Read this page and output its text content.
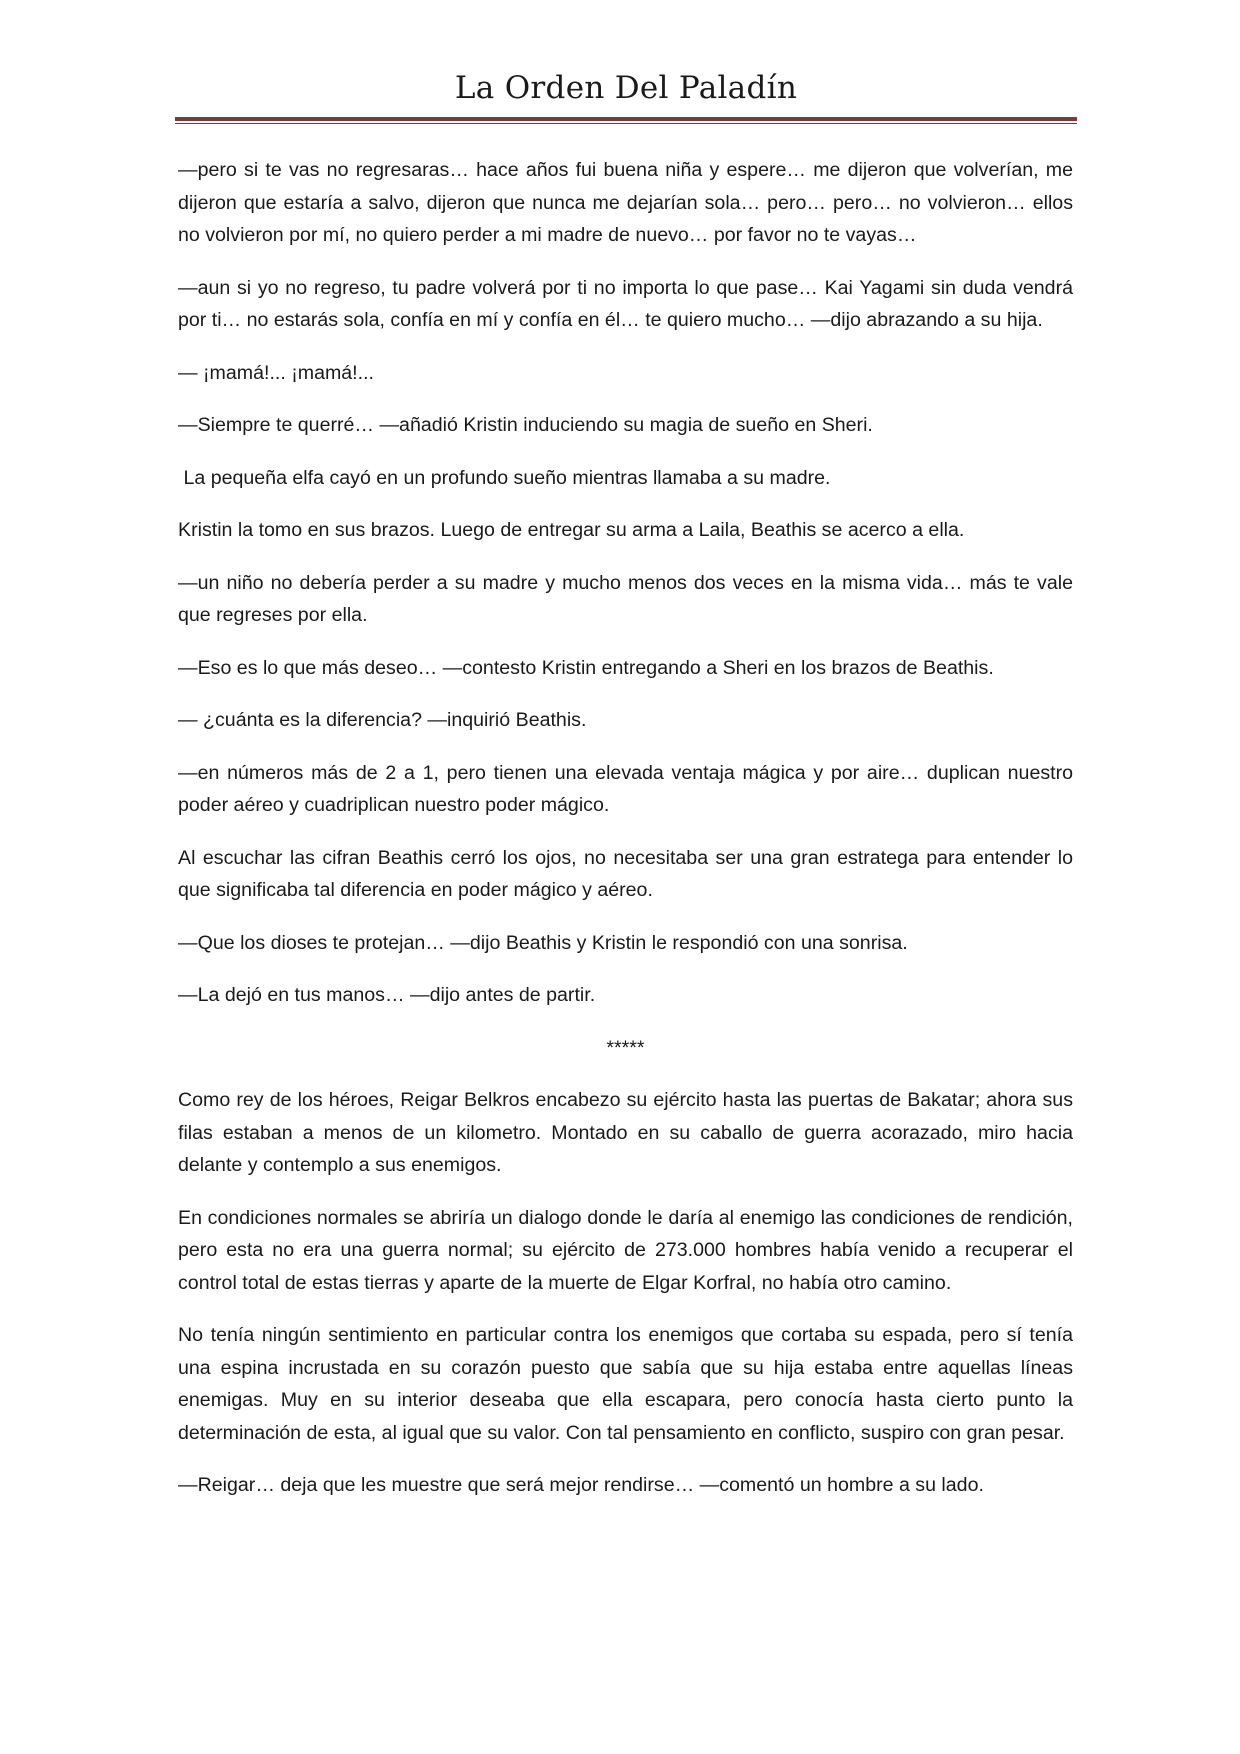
La Orden Del Paladín

—pero si te vas no regresaras… hace años fui buena niña y espere… me dijeron que volverían, me dijeron que estaría a salvo, dijeron que nunca me dejarían sola… pero… pero… no volvieron… ellos no volvieron por mí, no quiero perder a mi madre de nuevo… por favor no te vayas…

—aun si yo no regreso, tu padre volverá por ti no importa lo que pase… Kai Yagami sin duda vendrá por ti… no estarás sola, confía en mí y confía en él… te quiero mucho… —dijo abrazando a su hija.

— ¡mamá!... ¡mamá!...

—Siempre te querré… —añadió Kristin induciendo su magia de sueño en Sheri.

La pequeña elfa cayó en un profundo sueño mientras llamaba a su madre.

Kristin la tomo en sus brazos. Luego de entregar su arma a Laila, Beathis se acerco a ella.

—un niño no debería perder a su madre y mucho menos dos veces en la misma vida… más te vale que regreses por ella.

—Eso es lo que más deseo… —contesto Kristin entregando a Sheri en los brazos de Beathis.

— ¿cuánta es la diferencia? —inquirió Beathis.

—en números más de 2 a 1, pero tienen una elevada ventaja mágica y por aire… duplican nuestro poder aéreo y cuadriplican nuestro poder mágico.

Al escuchar las cifran Beathis cerró los ojos, no necesitaba ser una gran estratega para entender lo que significaba tal diferencia en poder mágico y aéreo.

—Que los dioses te protejan… —dijo Beathis y Kristin le respondió con una sonrisa.

—La dejó en tus manos… —dijo antes de partir.

*****

Como rey de los héroes, Reigar Belkros encabezo su ejército hasta las puertas de Bakatar; ahora sus filas estaban a menos de un kilometro. Montado en su caballo de guerra acorazado, miro hacia delante y contemplo a sus enemigos.

En condiciones normales se abriría un dialogo donde le daría al enemigo las condiciones de rendición, pero esta no era una guerra normal; su ejército de 273.000 hombres había venido a recuperar el control total de estas tierras y aparte de la muerte de Elgar Korfral, no había otro camino.

No tenía ningún sentimiento en particular contra los enemigos que cortaba su espada, pero sí tenía una espina incrustada en su corazón puesto que sabía que su hija estaba entre aquellas líneas enemigas. Muy en su interior deseaba que ella escapara, pero conocía hasta cierto punto la determinación de esta, al igual que su valor. Con tal pensamiento en conflicto, suspiro con gran pesar.

—Reigar… deja que les muestre que será mejor rendirse… —comentó un hombre a su lado.
